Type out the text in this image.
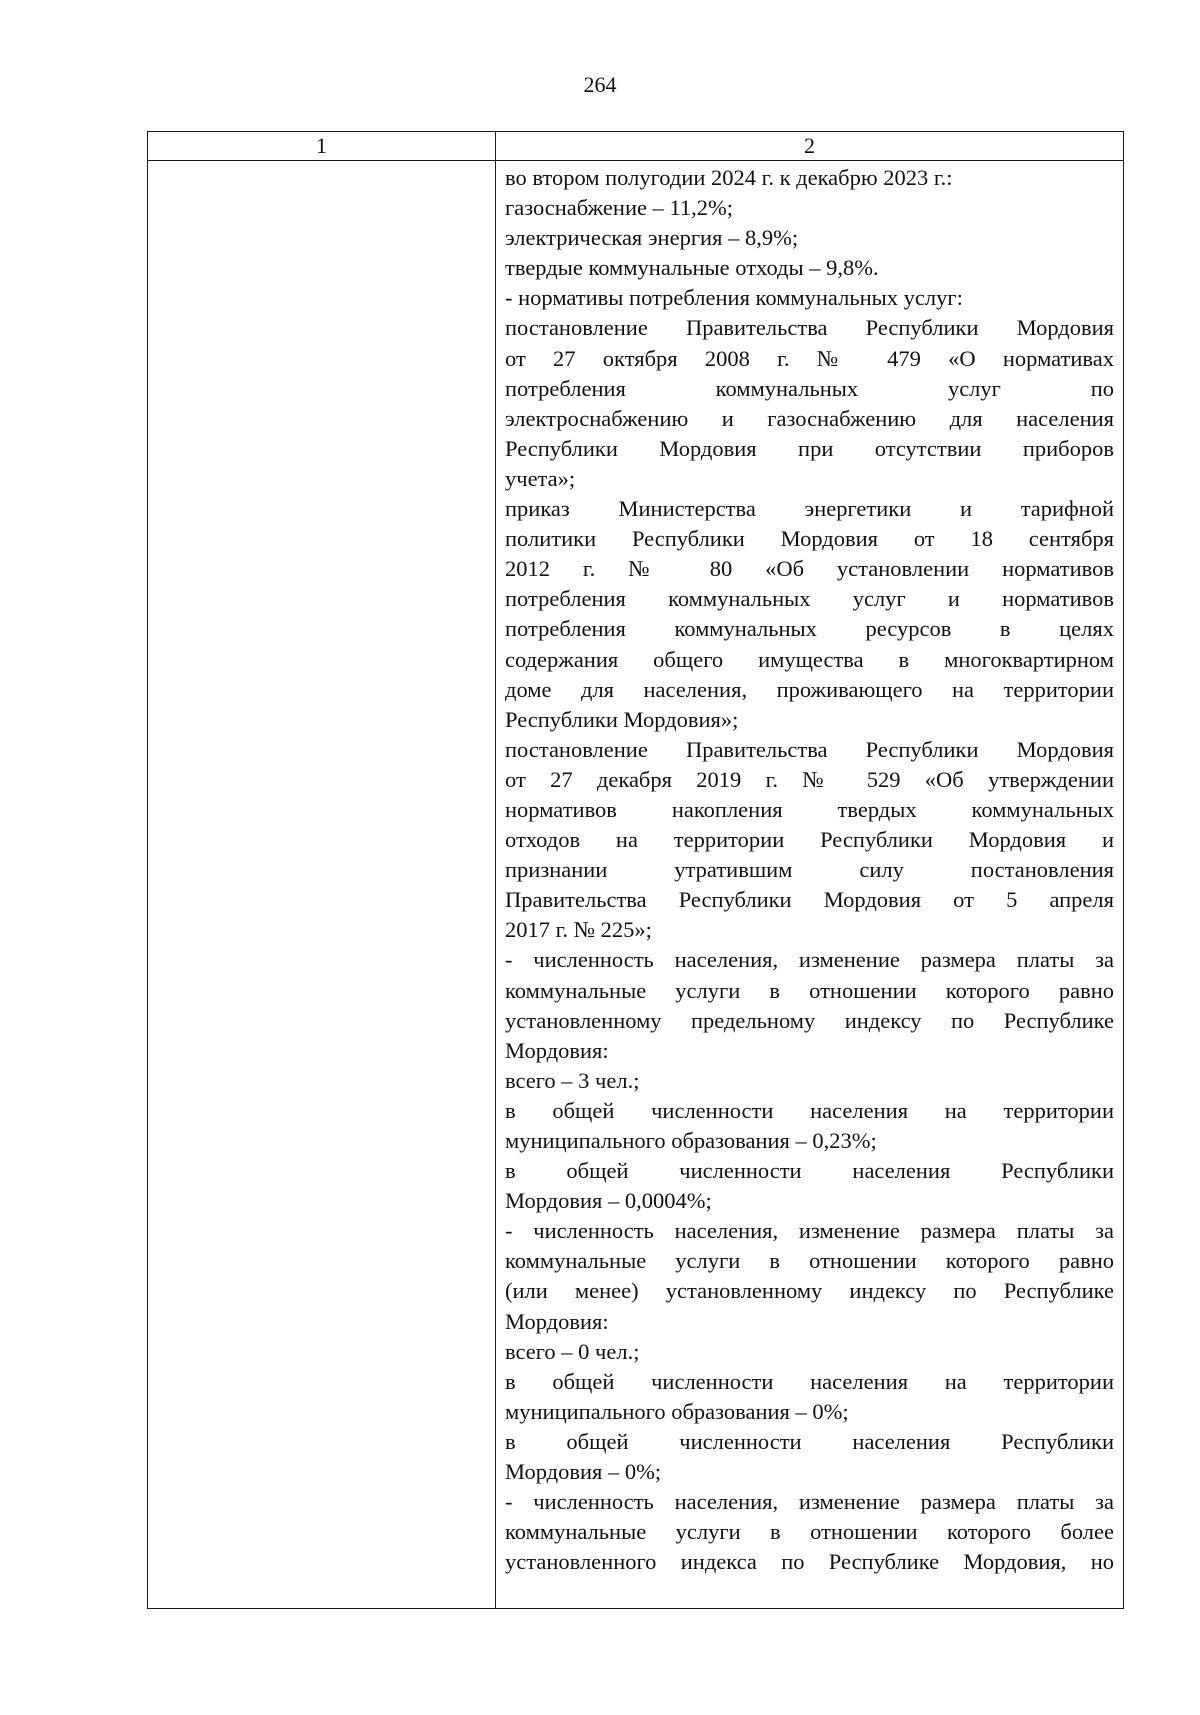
264
1	2
во втором полугодии 2024 г. к декабрю 2023 г.:
газоснабжение – 11,2%;
электрическая энергия – 8,9%;
твердые коммунальные отходы – 9,8%.
- нормативы потребления коммунальных услуг:
постановление Правительства Республики Мордовия
от 27 октября 2008 г. № 479 «О нормативах
потребления коммунальных услуг по
электроснабжению и газоснабжению для населения
Республики Мордовия при отсутствии приборов
учета»;
приказ Министерства энергетики и тарифной
политики Республики Мордовия от 18 сентября
2012 г. № 80 «Об установлении нормативов
потребления коммунальных услуг и нормативов
потребления коммунальных ресурсов в целях
содержания общего имущества в многоквартирном
доме для населения, проживающего на территории
Республики Мордовия»;
постановление Правительства Республики Мордовия
от 27 декабря 2019 г. № 529 «Об утверждении
нормативов накопления твердых коммунальных
отходов на территории Республики Мордовия и
признании утратившим силу постановления
Правительства Республики Мордовия от 5 апреля
2017 г. № 225»;
- численность населения, изменение размера платы за
коммунальные услуги в отношении которого равно
установленному предельному индексу по Республике
Мордовия:
всего – 3 чел.;
в общей численности населения на территории
муниципального образования – 0,23%;
в общей численности населения Республики
Мордовия – 0,0004%;
- численность населения, изменение размера платы за
коммунальные услуги в отношении которого равно
(или менее) установленному индексу по Республике
Мордовия:
всего – 0 чел.;
в общей численности населения на территории
муниципального образования – 0%;
в общей численности населения Республики
Мордовия – 0%;
- численность населения, изменение размера платы за
коммунальные услуги в отношении которого более
установленного индекса по Республике Мордовия, но
